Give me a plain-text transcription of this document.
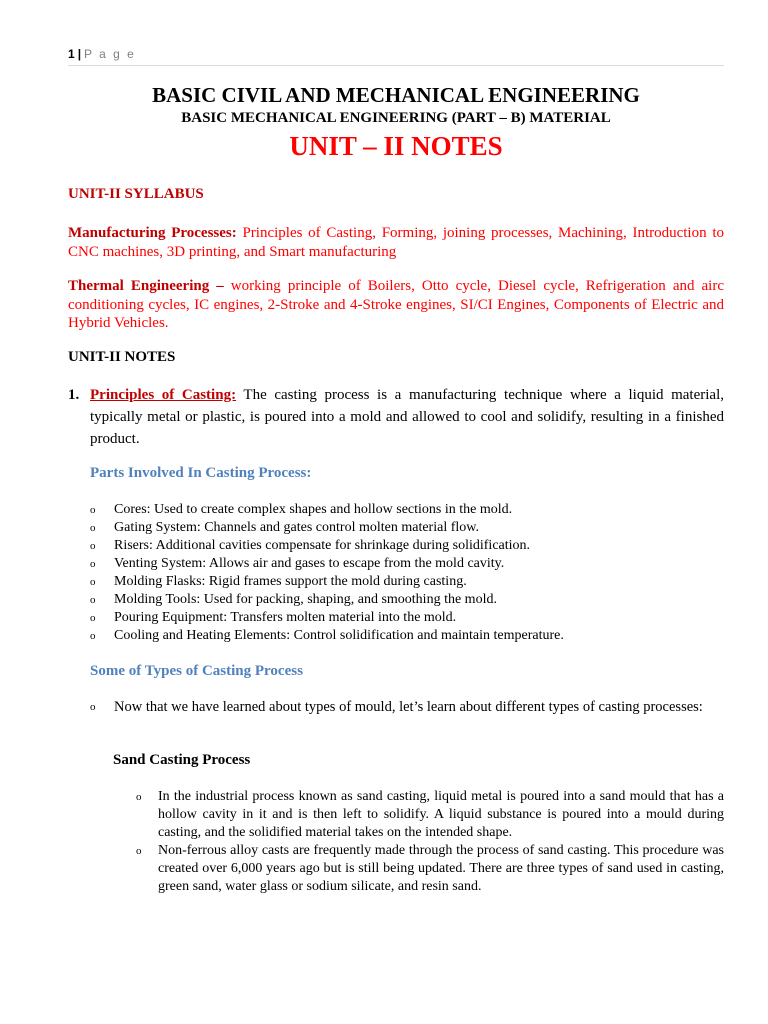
1 | P a g e
BASIC CIVIL AND MECHANICAL ENGINEERING
BASIC MECHANICAL ENGINEERING (PART – B) MATERIAL
UNIT – II NOTES
UNIT-II SYLLABUS
Manufacturing Processes: Principles of Casting, Forming, joining processes, Machining, Introduction to CNC machines, 3D printing, and Smart manufacturing
Thermal Engineering – working principle of Boilers, Otto cycle, Diesel cycle, Refrigeration and airc conditioning cycles, IC engines, 2-Stroke and 4-Stroke engines, SI/CI Engines, Components of Electric and Hybrid Vehicles.
UNIT-II NOTES
1. Principles of Casting: The casting process is a manufacturing technique where a liquid material, typically metal or plastic, is poured into a mold and allowed to cool and solidify, resulting in a finished product.
Parts Involved In Casting Process:
o Cores: Used to create complex shapes and hollow sections in the mold.
o Gating System: Channels and gates control molten material flow.
o Risers: Additional cavities compensate for shrinkage during solidification.
o Venting System: Allows air and gases to escape from the mold cavity.
o Molding Flasks: Rigid frames support the mold during casting.
o Molding Tools: Used for packing, shaping, and smoothing the mold.
o Pouring Equipment: Transfers molten material into the mold.
o Cooling and Heating Elements: Control solidification and maintain temperature.
Some of Types of Casting Process
o Now that we have learned about types of mould, let’s learn about different types of casting processes:
Sand Casting Process
o In the industrial process known as sand casting, liquid metal is poured into a sand mould that has a hollow cavity in it and is then left to solidify. A liquid substance is poured into a mould during casting, and the solidified material takes on the intended shape.
o Non-ferrous alloy casts are frequently made through the process of sand casting. This procedure was created over 6,000 years ago but is still being updated. There are three types of sand used in casting, green sand, water glass or sodium silicate, and resin sand.
